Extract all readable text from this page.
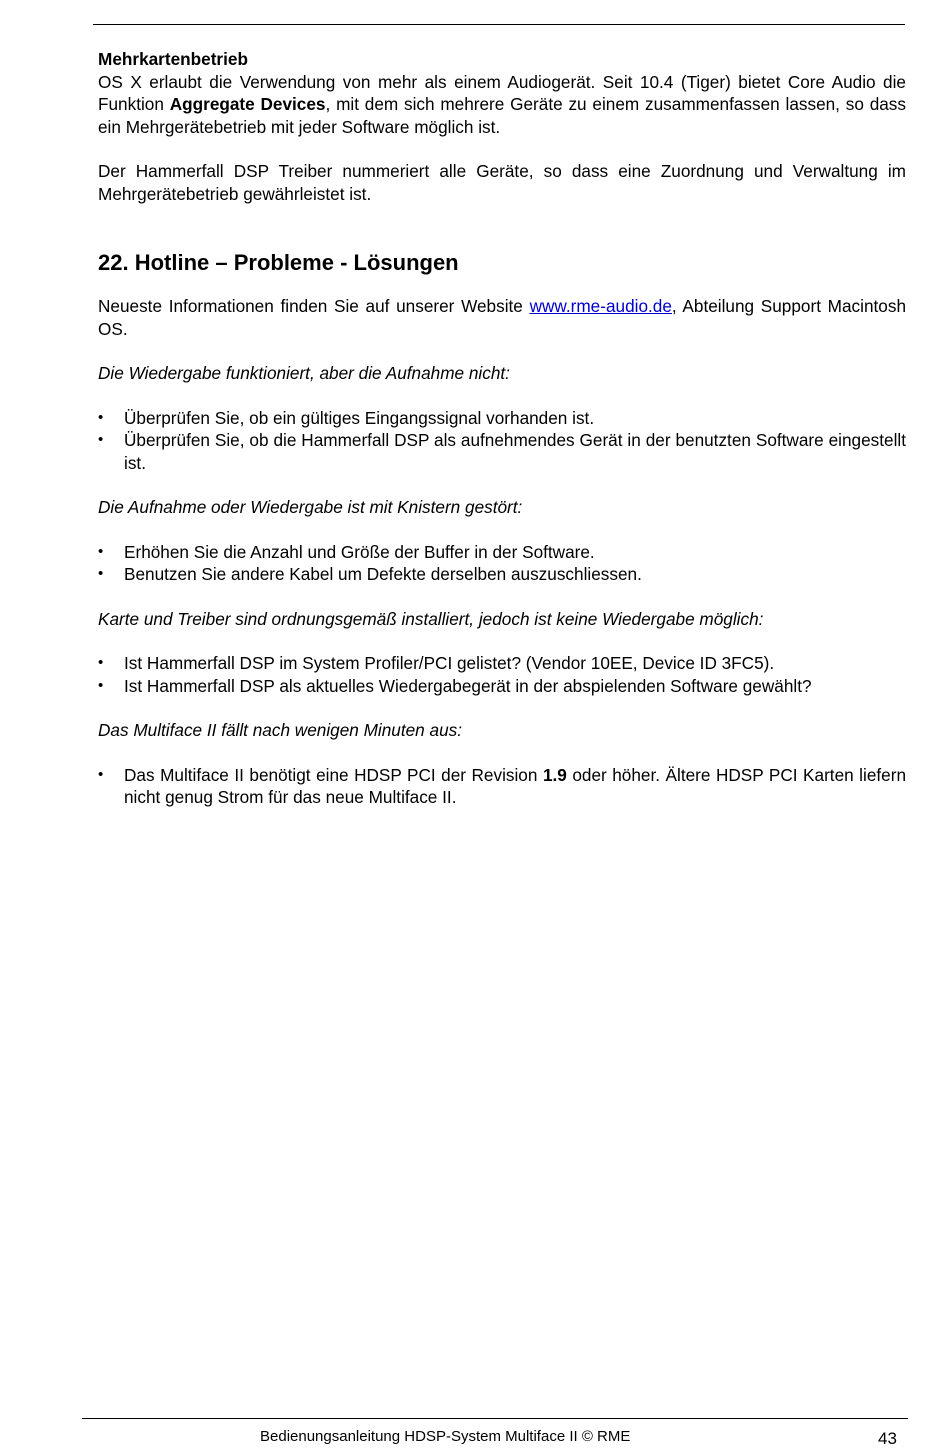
Mehrkartenbetrieb

OS X erlaubt die Verwendung von mehr als einem Audiogerät. Seit 10.4 (Tiger) bietet Core Audio die Funktion Aggregate Devices, mit dem sich mehrere Geräte zu einem zusammenfassen lassen, so dass ein Mehrgerätebetrieb mit jeder Software möglich ist.

Der Hammerfall DSP Treiber nummeriert alle Geräte, so dass eine Zuordnung und Verwaltung im Mehrgerätebetrieb gewährleistet ist.

22. Hotline – Probleme - Lösungen

Neueste Informationen finden Sie auf unserer Website www.rme-audio.de, Abteilung Support Macintosh OS.

Die Wiedergabe funktioniert, aber die Aufnahme nicht:

• Überprüfen Sie, ob ein gültiges Eingangssignal vorhanden ist.
• Überprüfen Sie, ob die Hammerfall DSP als aufnehmendes Gerät in der benutzten Software eingestellt ist.

Die Aufnahme oder Wiedergabe ist mit Knistern gestört:

• Erhöhen Sie die Anzahl und Größe der Buffer in der Software.
• Benutzen Sie andere Kabel um Defekte derselben auszuschliessen.

Karte und Treiber sind ordnungsgemäß installiert, jedoch ist keine Wiedergabe möglich:

• Ist Hammerfall DSP im System Profiler/PCI gelistet? (Vendor 10EE, Device ID 3FC5).
• Ist Hammerfall DSP als aktuelles Wiedergabegerät in der abspielenden Software gewählt?

Das Multiface II fällt nach wenigen Minuten aus:

• Das Multiface II benötigt eine HDSP PCI der Revision 1.9 oder höher. Ältere HDSP PCI Karten liefern nicht genug Strom für das neue Multiface II.
Bedienungsanleitung HDSP-System Multiface II © RME	43
